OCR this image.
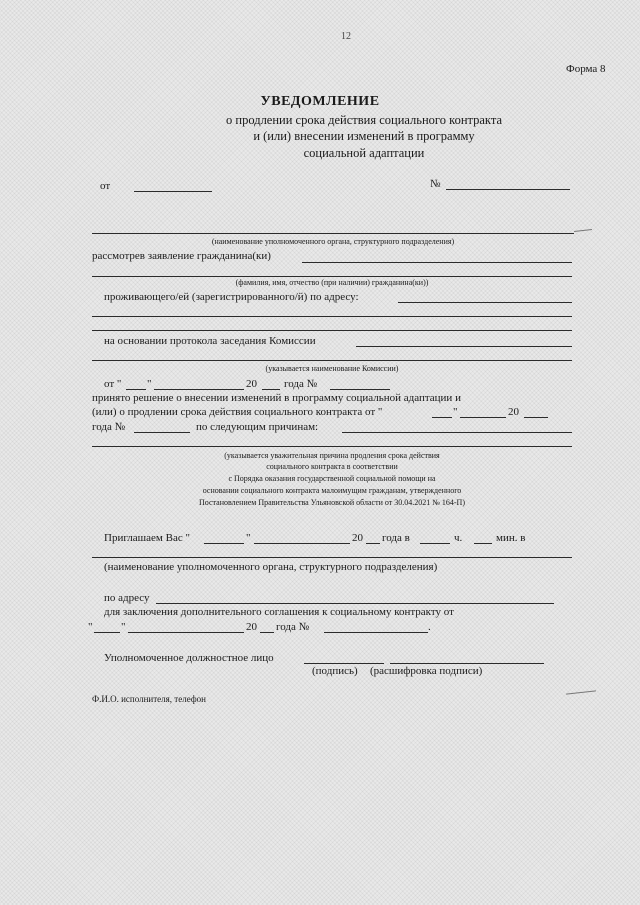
12
Форма 8
УВЕДОМЛЕНИЕ
о продлении срока действия социального контракта
и (или) внесении изменений в программу
социальной адаптации
от	№
(наименование уполномоченного органа, структурного подразделения)
рассмотрев заявление гражданина(ки)
(фамилия, имя, отчество (при наличии) гражданина(ки))
проживающего/ей (зарегистрированного/й) по адресу:
на основании протокола заседания Комиссии
(указывается наименование Комиссии)
от " "	20 года №
принято решение о внесении изменений в программу социальной адаптации и
(или) о продлении срока действия социального контракта от "	"	20
года №	по следующим причинам:
(указывается уважительная причина продления срока действия
социального контракта в соответствии
с Порядка оказания государственной социальной помощи на
основании социального контракта малоимущим гражданам, утвержденного
Постановлением Правительства Ульяновской области от 30.04.2021 № 164-П)
Приглашаем Вас "	"	20 года в	ч.	мин. в
(наименование уполномоченного органа, структурного подразделения)
по адресу
для заключения дополнительного соглашения к социальному контракту от
"	"	20 года №	.
Уполномоченное должностное лицо
(подпись) (расшифровка подписи)
Ф.И.О. исполнителя, телефон
